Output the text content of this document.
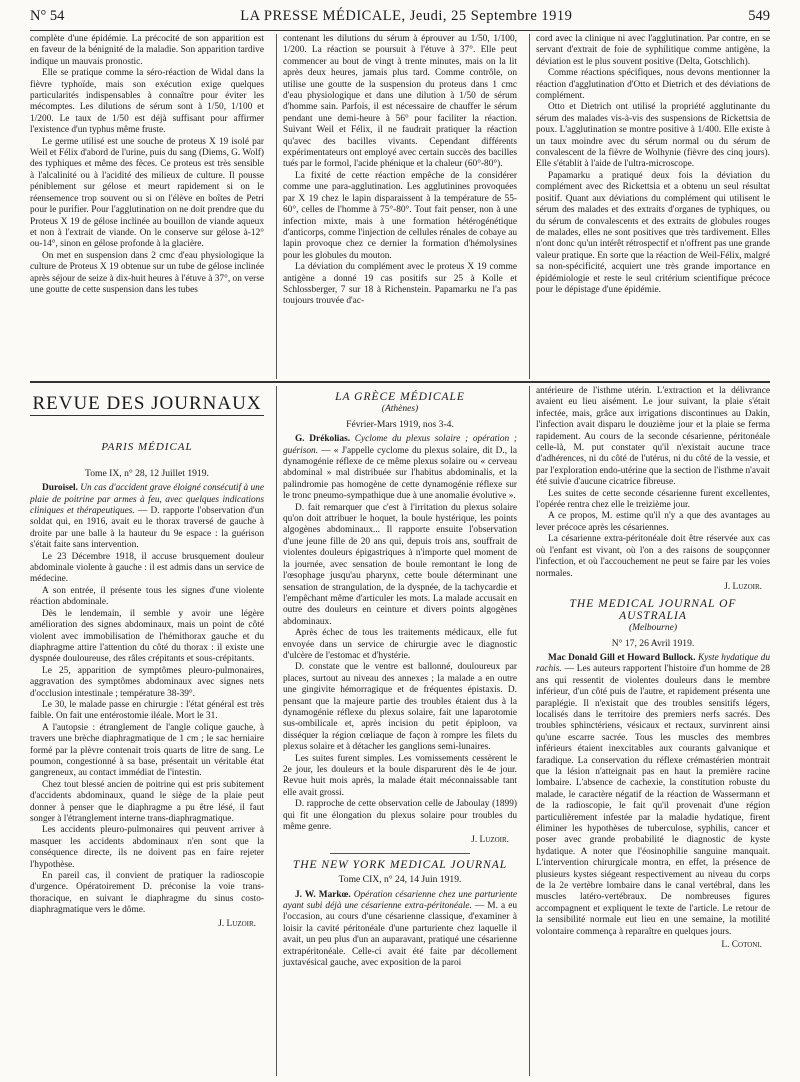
N° 54	LA PRESSE MÉDICALE, Jeudi, 25 Septembre 1919	549

complète d'une épidémie. La précocité de son apparition est en faveur de la bénignité de la maladie. Son apparition tardive indique un mauvais pronostic.

Elle se pratique comme la séro-réaction de Widal dans la fièvre typhoïde, mais son exécution exige quelques particularités indispensables à connaître pour éviter les mécomptes. Les dilutions de sérum sont à 1/50, 1/100 et 1/200. Le taux de 1/50 est déjà suffisant pour affirmer l'existence d'un typhus même fruste.

Le germe utilisé est une souche de proteus X 19 isolé par Weil et Félix d'abord de l'urine, puis du sang (Diems, G. Wolf) des typhiques et même des fèces. Ce proteus est très sensible à l'alcalinité ou à l'acidité des milieux de culture. Il pousse péniblement sur gélose et meurt rapidement si on le réensemence trop souvent ou si on l'élève en boîtes de Petri pour le purifier. Pour l'agglutination on ne doit prendre que du Proteus X 19 de gélose inclinée au bouillon de viande aqueux et non à l'extrait de viande. On le conserve sur gélose à-12° ou-14°, sinon en gélose profonde à la glacière.

On met en suspension dans 2 cmc d'eau physiologique la culture de Proteus X 19 obtenue sur un tube de gélose inclinée après séjour de seize à dix-huit heures à l'étuve à 37°, on verse une goutte de cette suspension dans les tubes

contenant les dilutions du sérum à éprouver au 1/50, 1/100, 1/200. La réaction se poursuit à l'étuve à 37°. Elle peut commencer au bout de vingt à trente minutes, mais on la lit après deux heures, jamais plus tard. Comme contrôle, on utilise une goutte de la suspension du proteus dans 1 cmc d'eau physiologique et dans une dilution à 1/50 de sérum d'homme sain. Parfois, il est nécessaire de chauffer le sérum pendant une demi-heure à 56° pour faciliter la réaction. Suivant Weil et Félix, il ne faudrait pratiquer la réaction qu'avec des bacilles vivants. Cependant différents expérimentateurs ont employé avec certain succès des bacilles tués par le formol, l'acide phénique et la chaleur (60°-80°).

La fixité de cette réaction empêche de la considérer comme une para-agglutination. Les agglutinines provoquées par X 19 chez le lapin disparaissent à la température de 55-60°, celles de l'homme à 75°-80°. Tout fait penser, non à une infection mixte, mais à une formation hétérogénétique d'anticorps, comme l'injection de cellules rénales de cobaye au lapin provoque chez ce dernier la formation d'hémolysines pour les globules du mouton.

La déviation du complément avec le proteus X 19 comme antigène a donné 19 cas positifs sur 25 à Kolle et Schlossberger, 7 sur 18 à Richenstein. Papamarku ne l'a pas toujours trouvée d'ac-

cord avec la clinique ni avec l'agglutination. Par contre, en se servant d'extrait de foie de syphilitique comme antigène, la déviation est le plus souvent positive (Delta, Gotschlich).

Comme réactions spécifiques, nous devons mentionner la réaction d'agglutination d'Otto et Dietrich et des déviations de complément.

Otto et Dietrich ont utilisé la propriété agglutinante du sérum des malades vis-à-vis des suspensions de Rickettsia de poux. L'agglutination se montre positive à 1/400. Elle existe à un taux moindre avec du sérum normal ou du sérum de convalescent de la fièvre de Wolhynie (fièvre des cinq jours). Elle s'établit à l'aide de l'ultra-microscope.

Papamarku a pratiqué deux fois la déviation du complément avec des Rickettsia et a obtenu un seul résultat positif. Quant aux déviations du complément qui utilisent le sérum des malades et des extraits d'organes de typhiques, ou du sérum de convalescents et des extraits de globules rouges de malades, elles ne sont positives que très tardivement. Elles n'ont donc qu'un intérêt rétrospectif et n'offrent pas une grande valeur pratique. En sorte que la réaction de Weil-Félix, malgré sa non-spécificité, acquiert une très grande importance en épidémiologie et reste le seul critérium scientifique précoce pour le dépistage d'une épidémie.

REVUE DES JOURNAUX
PARIS MÉDICAL
Tome IX, n° 28, 12 Juillet 1919.

Duroisel. Un cas d'accident grave éloigné consécutif à une plaie de poitrine par armes à feu, avec quelques indications cliniques et thérapeutiques. — D. rapporte l'observation d'un soldat qui, en 1916, avait eu le thorax traversé de gauche à droite par une balle à la hauteur du 9e espace : la guérison s'était faite sans intervention.

Le 23 Décembre 1918, il accuse brusquement douleur abdominale violente à gauche : il est admis dans un service de médecine.

A son entrée, il présente tous les signes d'une violente réaction abdominale.

Dès le lendemain, il semble y avoir une légère amélioration des signes abdominaux, mais un point de côté violent avec immobilisation de l'hémithorax gauche et du diaphragme attire l'attention du côté du thorax : il existe une dyspnée douloureuse, des râles crépitants et sous-crépitants.

Le 25, apparition de symptômes pleuro-pulmonaires, aggravation des symptômes abdominaux avec signes nets d'occlusion intestinale ; température 38-39°.

Le 30, le malade passe en chirurgie : l'état général est très faible. On fait une entérostomie iléale. Mort le 31.

A l'autopsie : étranglement de l'angle colique gauche, à travers une brèche diaphragmatique de 1 cm ; le sac herniaire formé par la plèvre contenait trois quarts de litre de sang. Le poumon, congestionné à sa base, présentait un véritable état gangreneux, au contact immédiat de l'intestin.

Chez tout blessé ancien de poitrine qui est pris subitement d'accidents abdominaux, quand le siège de la plaie peut donner à penser que le diaphragme a pu être lésé, il faut songer à l'étranglement interne trans-diaphragmatique.

Les accidents pleuro-pulmonaires qui peuvent arriver à masquer les accidents abdominaux n'en sont que la conséquence directe, ils ne doivent pas en faire rejeter l'hypothèse.

En pareil cas, il convient de pratiquer la radioscopie d'urgence. Opératoirement D. préconise la voie trans-thoracique, en suivant le diaphragme du sinus costo-diaphragmatique vers le dôme.

J. Luzoir.
LA GRÈCE MÉDICALE
(Athènes)
Février-Mars 1919, nos 3-4.

G. Drékolias. Cyclome du plexus solaire ; opération ; guérison. — « J'appelle cyclome du plexus solaire, dit D., la dynamogénie réflexe de ce même plexus solaire ou « cerveau abdominal » mal distribuée sur l'habitus abdominalis, et la palindromie pas homogène de cette dynamogénie réflexe sur le tronc pneumo-sympathique due à une anomalie évolutive ».

D. fait remarquer que c'est à l'irritation du plexus solaire qu'on doit attribuer le hoquet, la boule hystérique, les points algogènes abdominaux... Il rapporte ensuite l'observation d'une jeune fille de 20 ans qui, depuis trois ans, souffrait de violentes douleurs épigastriques à n'importe quel moment de la journée, avec sensation de boule remontant le long de l'œsophage jusqu'au pharynx, cette boule déterminant une sensation de strangulation, de la dyspnée, de la tachycardie et l'empêchant même d'articuler les mots. La malade accusait en outre des douleurs en ceinture et divers points algogènes abdominaux.

Après échec de tous les traitements médicaux, elle fut envoyée dans un service de chirurgie avec le diagnostic d'ulcère de l'estomac et d'hystérie.

D. constate que le ventre est ballonné, douloureux par places, surtout au niveau des annexes ; la malade a en outre une gingivite hémorragique et de fréquentes épistaxis. D. pensant que la majeure partie des troubles étaient dus à la dynamogénie réflexe du plexus solaire, fait une laparotomie sus-ombilicale et, après incision du petit épiploon, va disséquer la région cœliaque de façon à rompre les filets du plexus solaire et à détacher les ganglions semi-lunaires.

Les suites furent simples. Les vomissements cessèrent le 2e jour, les douleurs et la boule disparurent dès le 4e jour. Revue huit mois après, la malade était méconnaissable tant elle avait grossi.

D. rapproche de cette observation celle de Jaboulay (1899) qui fit une élongation du plexus solaire pour troubles du même genre.

J. Luzoir.
THE NEW YORK MEDICAL JOURNAL
Tome CIX, n° 24, 14 Juin 1919.

J. W. Markœ. Opération césarienne chez une parturiente ayant subi déjà une césarienne extra-péritonéale. — M. a eu l'occasion, au cours d'une césarienne classique, d'examiner à loisir la cavité péritonéale d'une parturiente chez laquelle il avait, un peu plus d'un an auparavant, pratiqué une césarienne extrapéritonéale. Celle-ci avait été faite par décollement juxtavésical gauche, avec exposition de la paroi

antérieure de l'isthme utérin. L'extraction et la délivrance avaient eu lieu aisément. Le jour suivant, la plaie s'était infectée, mais, grâce aux irrigations discontinues au Dakin, l'infection avait disparu le douzième jour et la plaie se ferma rapidement. Au cours de la seconde césarienne, péritonéale celle-là, M. put constater qu'il n'existait aucune trace d'adhérences, ni du côté de l'utérus, ni du côté de la vessie, et par l'exploration endo-utérine que la section de l'isthme n'avait été suivie d'aucune cicatrice fibreuse.

Les suites de cette seconde césarienne furent excellentes, l'opérée rentra chez elle le treizième jour.

A ce propos, M. estime qu'il n'y a que des avantages au lever précoce après les césariennes.

La césarienne extra-péritonéale doit être réservée aux cas où l'enfant est vivant, où l'on a des raisons de soupçonner l'infection, et où l'accouchement ne peut se faire par les voies normales.

J. Luzoir.
THE MEDICAL JOURNAL OF AUSTRALIA
(Melbourne)
N° 17, 26 Avril 1919.

Mac Donald Gill et Howard Bullock. Kyste hydatique du rachis. — Les auteurs rapportent l'histoire d'un homme de 28 ans qui ressentit de violentes douleurs dans le membre inférieur, d'un côté puis de l'autre, et rapidement présenta une paraplégie. Il n'existait que des troubles sensitifs légers, localisés dans le territoire des premiers nerfs sacrés. Des troubles sphinctériens, vésicaux et rectaux, survinrent ainsi qu'une escarre sacrée. Tous les muscles des membres inférieurs étaient inexcitables aux courants galvanique et faradique. La conservation du réflexe crémastérien montrait que la lésion n'atteignait pas en haut la première racine lombaire. L'absence de cachexie, la constitution robuste du malade, le caractère négatif de la réaction de Wassermann et de la radioscopie, le fait qu'il provenait d'une région particulièrement infestée par la maladie hydatique, firent éliminer les hypothèses de tuberculose, syphilis, cancer et poser avec grande probabilité le diagnostic de kyste hydatique. A noter que l'éosinophilie sanguine manquait. L'intervention chirurgicale montra, en effet, la présence de plusieurs kystes siégeant respectivement au niveau du corps de la 2e vertèbre lombaire dans le canal vertébral, dans les muscles latéro-vertébraux. De nombreuses figures accompagnent et expliquent le texte de l'article. Le retour de la sensibilité normale eut lieu en une semaine, la motilité volontaire commença à reparaître en quelques jours.

L. Cotoni.
